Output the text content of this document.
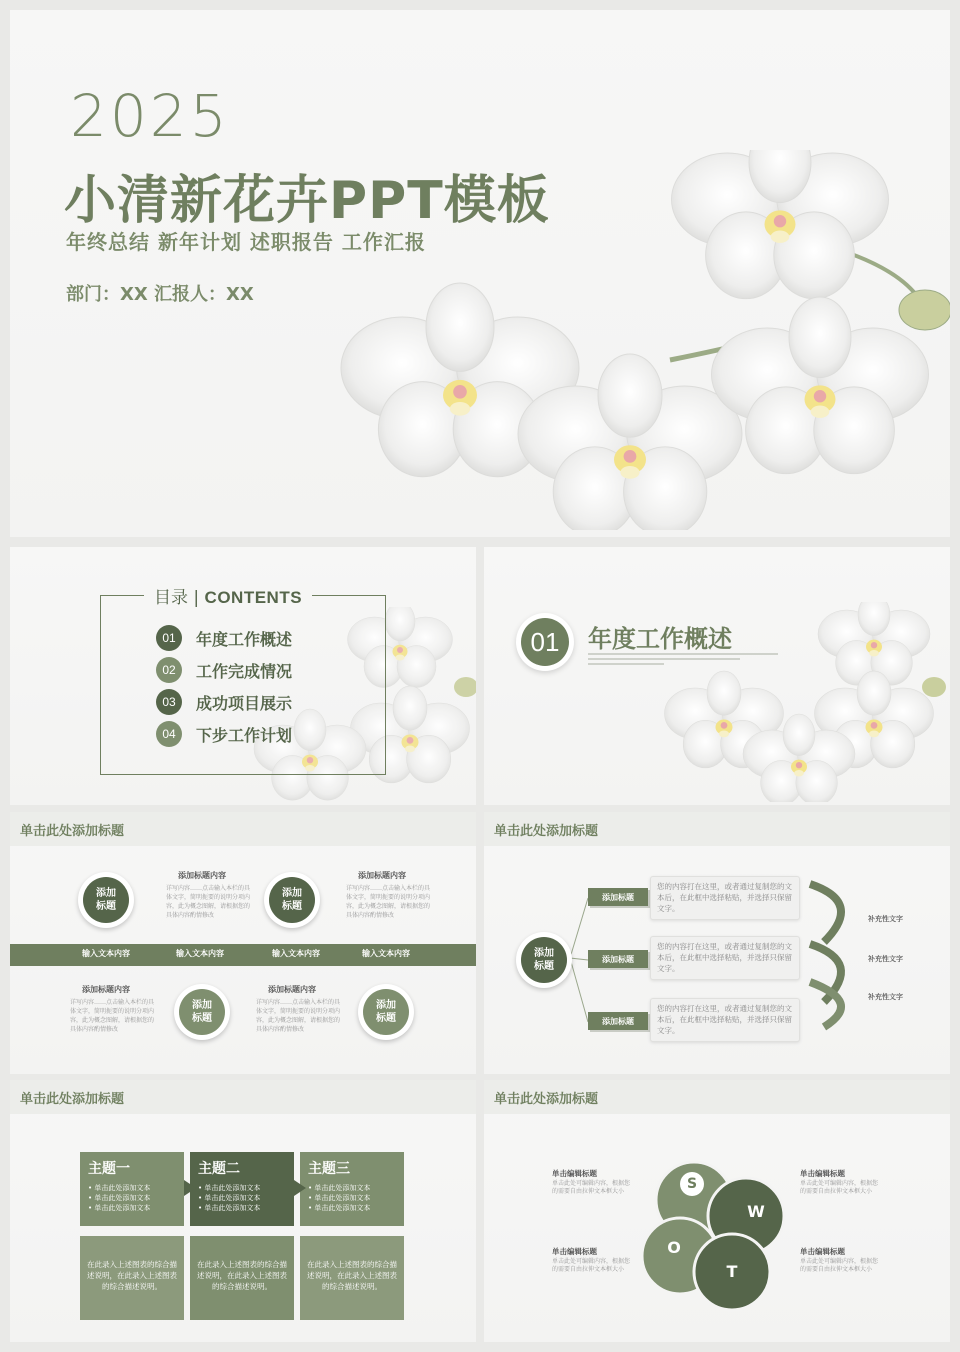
2025
小清新花卉PPT模板
年终总结 新年计划 述职报告 工作汇报
部门：XX 汇报人：XX
目录 | CONTENTS
01	年度工作概述
02	工作完成情况
03	成功项目展示
04	下步工作计划
01	年度工作概述
单击此处添加标题
输入文本内容	输入文本内容	输入文本内容	输入文本内容
添加
标题
添加
标题
添加
标题
添加
标题
添加标题内容
详写内容……点击输入本栏的具体文字，简明扼要的说明分项内容，此为概念图解，请根据您的具体内容酌情修改
添加标题内容
详写内容……点击输入本栏的具体文字，简明扼要的说明分项内容，此为概念图解，请根据您的具体内容酌情修改
添加标题内容
详写内容……点击输入本栏的具体文字，简明扼要的说明分项内容，此为概念图解，请根据您的具体内容酌情修改
添加标题内容
详写内容……点击输入本栏的具体文字，简明扼要的说明分项内容，此为概念图解，请根据您的具体内容酌情修改
单击此处添加标题
添加
标题
添加标题
您的内容打在这里，或者通过复制您的文本后，在此框中选择粘贴，并选择只保留文字。
补充性文字
添加标题
您的内容打在这里，或者通过复制您的文本后，在此框中选择粘贴，并选择只保留文字。
补充性文字
添加标题
您的内容打在这里，或者通过复制您的文本后，在此框中选择粘贴，并选择只保留文字。
补充性文字
单击此处添加标题
主题一
• 单击此处添加文本
• 单击此处添加文本
• 单击此处添加文本
主题二
• 单击此处添加文本
• 单击此处添加文本
• 单击此处添加文本
主题三
• 单击此处添加文本
• 单击此处添加文本
• 单击此处添加文本
在此录入上述图表的综合描述说明，在此录入上述图表的综合描述说明。
在此录入上述图表的综合描述说明，在此录入上述图表的综合描述说明。
在此录入上述图表的综合描述说明，在此录入上述图表的综合描述说明。
单击此处添加标题
S
W
O
T
单击编辑标题
单击此处可编辑内容，根据您的需要自由拉伸文本框大小
单击编辑标题
单击此处可编辑内容，根据您的需要自由拉伸文本框大小
单击编辑标题
单击此处可编辑内容，根据您的需要自由拉伸文本框大小
单击编辑标题
单击此处可编辑内容，根据您的需要自由拉伸文本框大小
